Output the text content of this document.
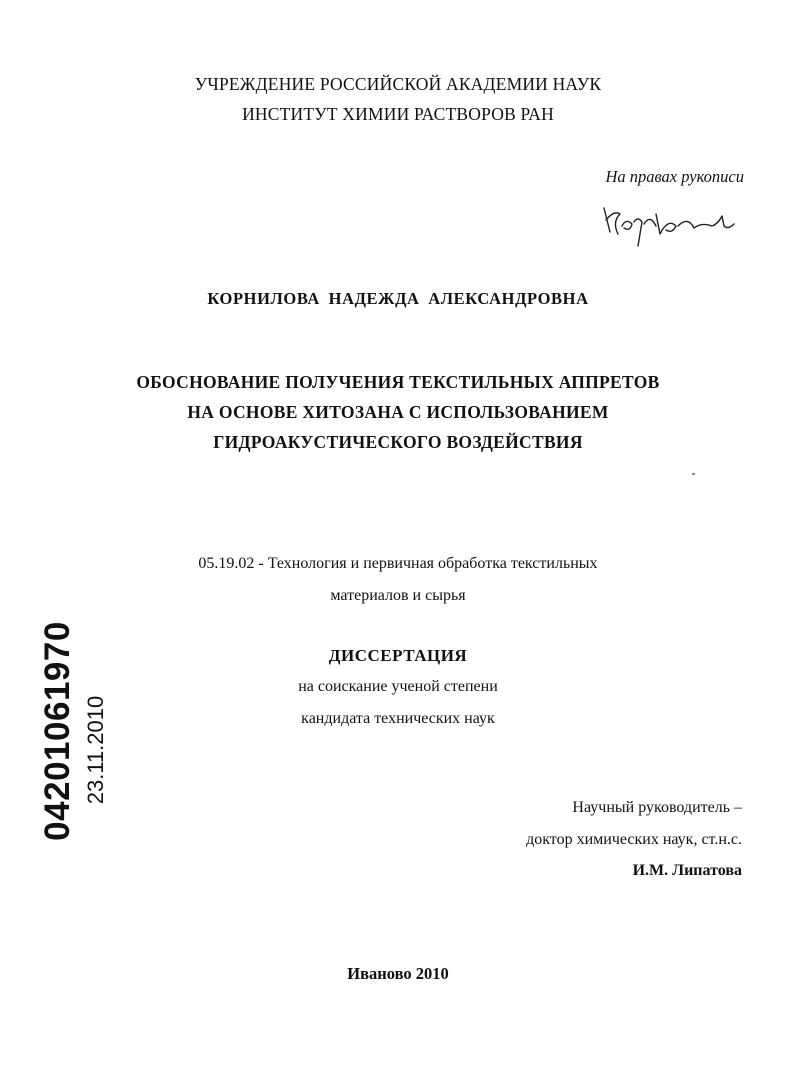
УЧРЕЖДЕНИЕ РОССИЙСКОЙ АКАДЕМИИ НАУК
ИНСТИТУТ ХИМИИ РАСТВОРОВ РАН
На правах рукописи
КОРНИЛОВА НАДЕЖДА АЛЕКСАНДРОВНА
ОБОСНОВАНИЕ ПОЛУЧЕНИЯ ТЕКСТИЛЬНЫХ АППРЕТОВ
НА ОСНОВЕ ХИТОЗАНА С ИСПОЛЬЗОВАНИЕМ
ГИДРОАКУСТИЧЕСКОГО ВОЗДЕЙСТВИЯ
05.19.02 - Технология и первичная обработка текстильных
материалов и сырья
ДИССЕРТАЦИЯ
на соискание ученой степени
кандидата технических наук
Научный руководитель –
доктор химических наук, ст.н.с.
И.М. Липатова
Иваново 2010
04201061970 23.11.2010
